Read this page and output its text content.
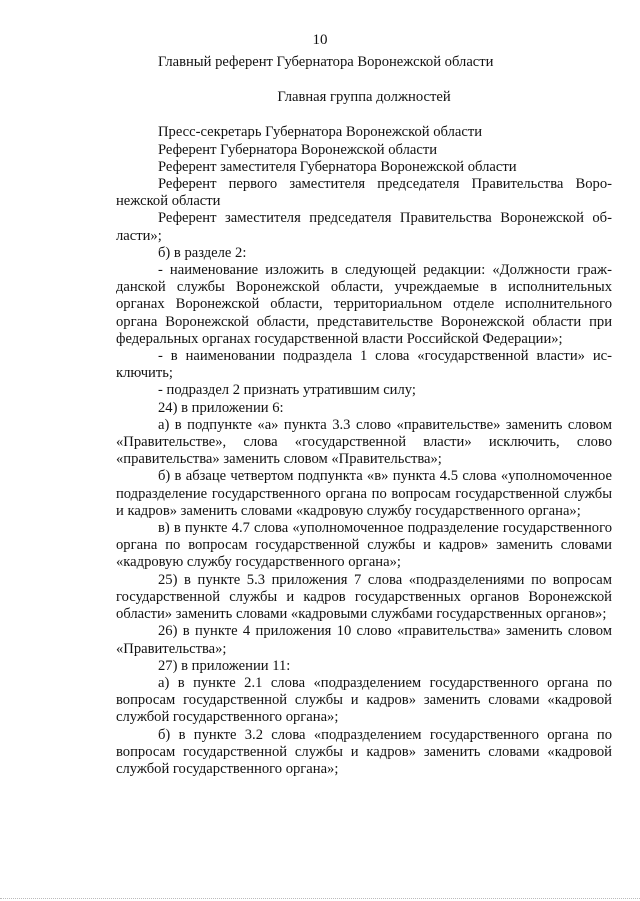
10

Главный референт Губернатора Воронежской области

Главная группа должностей

Пресс-секретарь Губернатора Воронежской области

Референт Губернатора Воронежской области

Референт заместителя Губернатора Воронежской области

Референт первого заместителя председателя Правительства Воронежской области

Референт заместителя председателя Правительства Воронежской области»;

б) в разделе 2:

- наименование изложить в следующей редакции: «Должности гражданской службы Воронежской области, учреждаемые в исполнительных органах Воронежской области, территориальном отделе исполнительного органа Воронежской области, представительстве Воронежской области при федеральных органах государственной власти Российской Федерации»;

- в наименовании подраздела 1 слова «государственной власти» исключить;

- подраздел 2 признать утратившим силу;

24) в приложении 6:

а) в подпункте «а» пункта 3.3 слово «правительстве» заменить словом «Правительстве», слова «государственной власти» исключить, слово «правительства» заменить словом «Правительства»;

б) в абзаце четвертом подпункта «в» пункта 4.5 слова «уполномоченное подразделение государственного органа по вопросам государственной службы и кадров» заменить словами «кадровую службу государственного органа»;

в) в пункте 4.7 слова «уполномоченное подразделение государственного органа по вопросам государственной службы и кадров» заменить словами «кадровую службу государственного органа»;

25) в пункте 5.3 приложения 7 слова «подразделениями по вопросам государственной службы и кадров государственных органов Воронежской области» заменить словами «кадровыми службами государственных органов»;

26) в пункте 4 приложения 10 слово «правительства» заменить словом «Правительства»;

27) в приложении 11:

а) в пункте 2.1 слова «подразделением государственного органа по вопросам государственной службы и кадров» заменить словами «кадровой службой государственного органа»;

б) в пункте 3.2 слова «подразделением государственного органа по вопросам государственной службы и кадров» заменить словами «кадровой службой государственного органа»;
